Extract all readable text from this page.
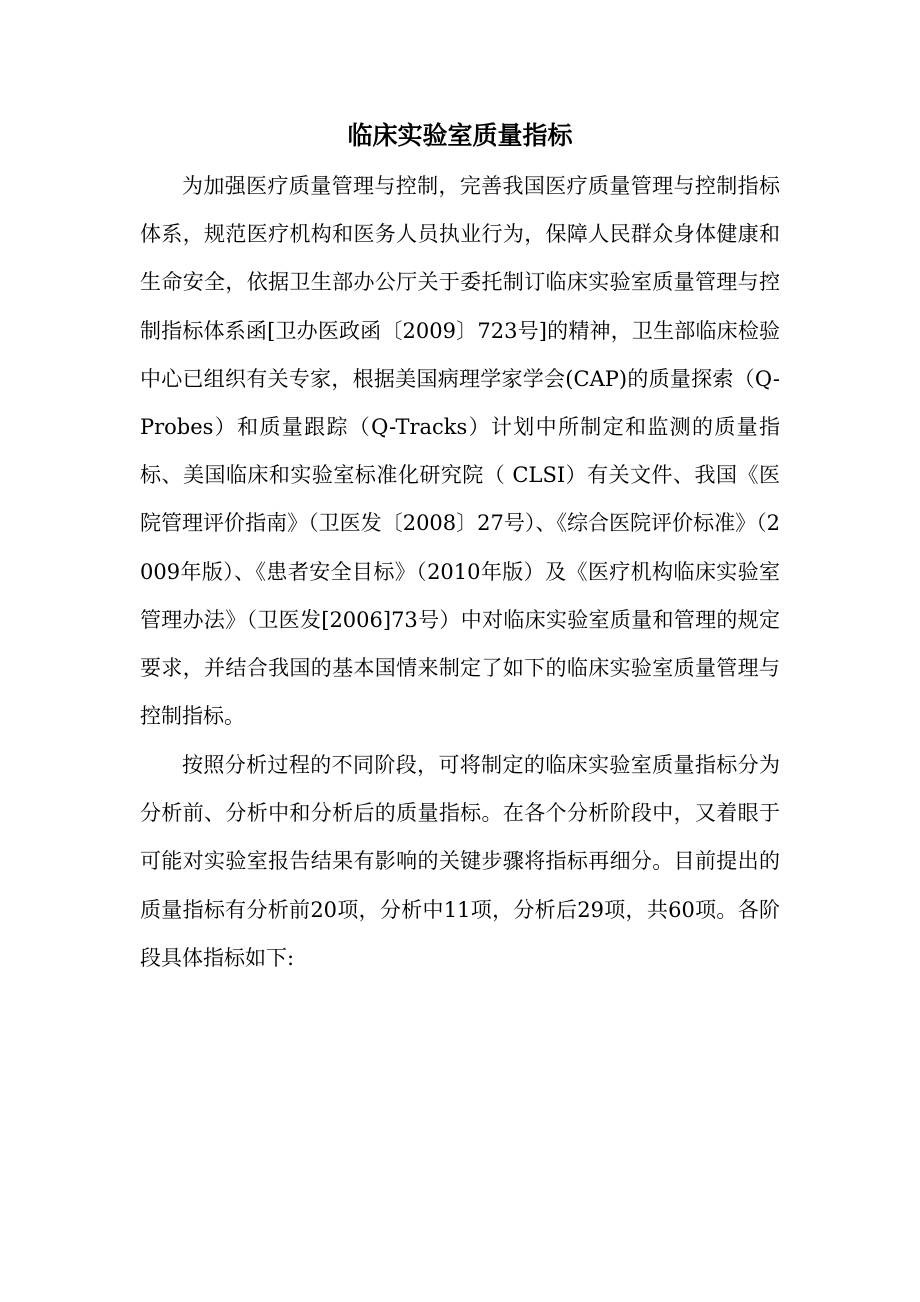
临床实验室质量指标

为加强医疗质量管理与控制，完善我国医疗质量管理与控制指标体系，规范医疗机构和医务人员执业行为，保障人民群众身体健康和生命安全，依据卫生部办公厅关于委托制订临床实验室质量管理与控制指标体系函[卫办医政函〔2009〕723号]的精神，卫生部临床检验中心已组织有关专家，根据美国病理学家学会(CAP)的质量探索（Q-Probes）和质量跟踪（Q-Tracks）计划中所制定和监测的质量指标、美国临床和实验室标准化研究院（ CLSI）有关文件、我国《医院管理评价指南》（卫医发〔2008〕27号）、《综合医院评价标准》（2009年版）、《患者安全目标》（2010年版）及《医疗机构临床实验室管理办法》（卫医发[2006]73号）中对临床实验室质量和管理的规定要求，并结合我国的基本国情来制定了如下的临床实验室质量管理与控制指标。

按照分析过程的不同阶段，可将制定的临床实验室质量指标分为分析前、分析中和分析后的质量指标。在各个分析阶段中，又着眼于可能对实验室报告结果有影响的关键步骤将指标再细分。目前提出的质量指标有分析前20项，分析中11项，分析后29项，共60项。各阶段具体指标如下:
